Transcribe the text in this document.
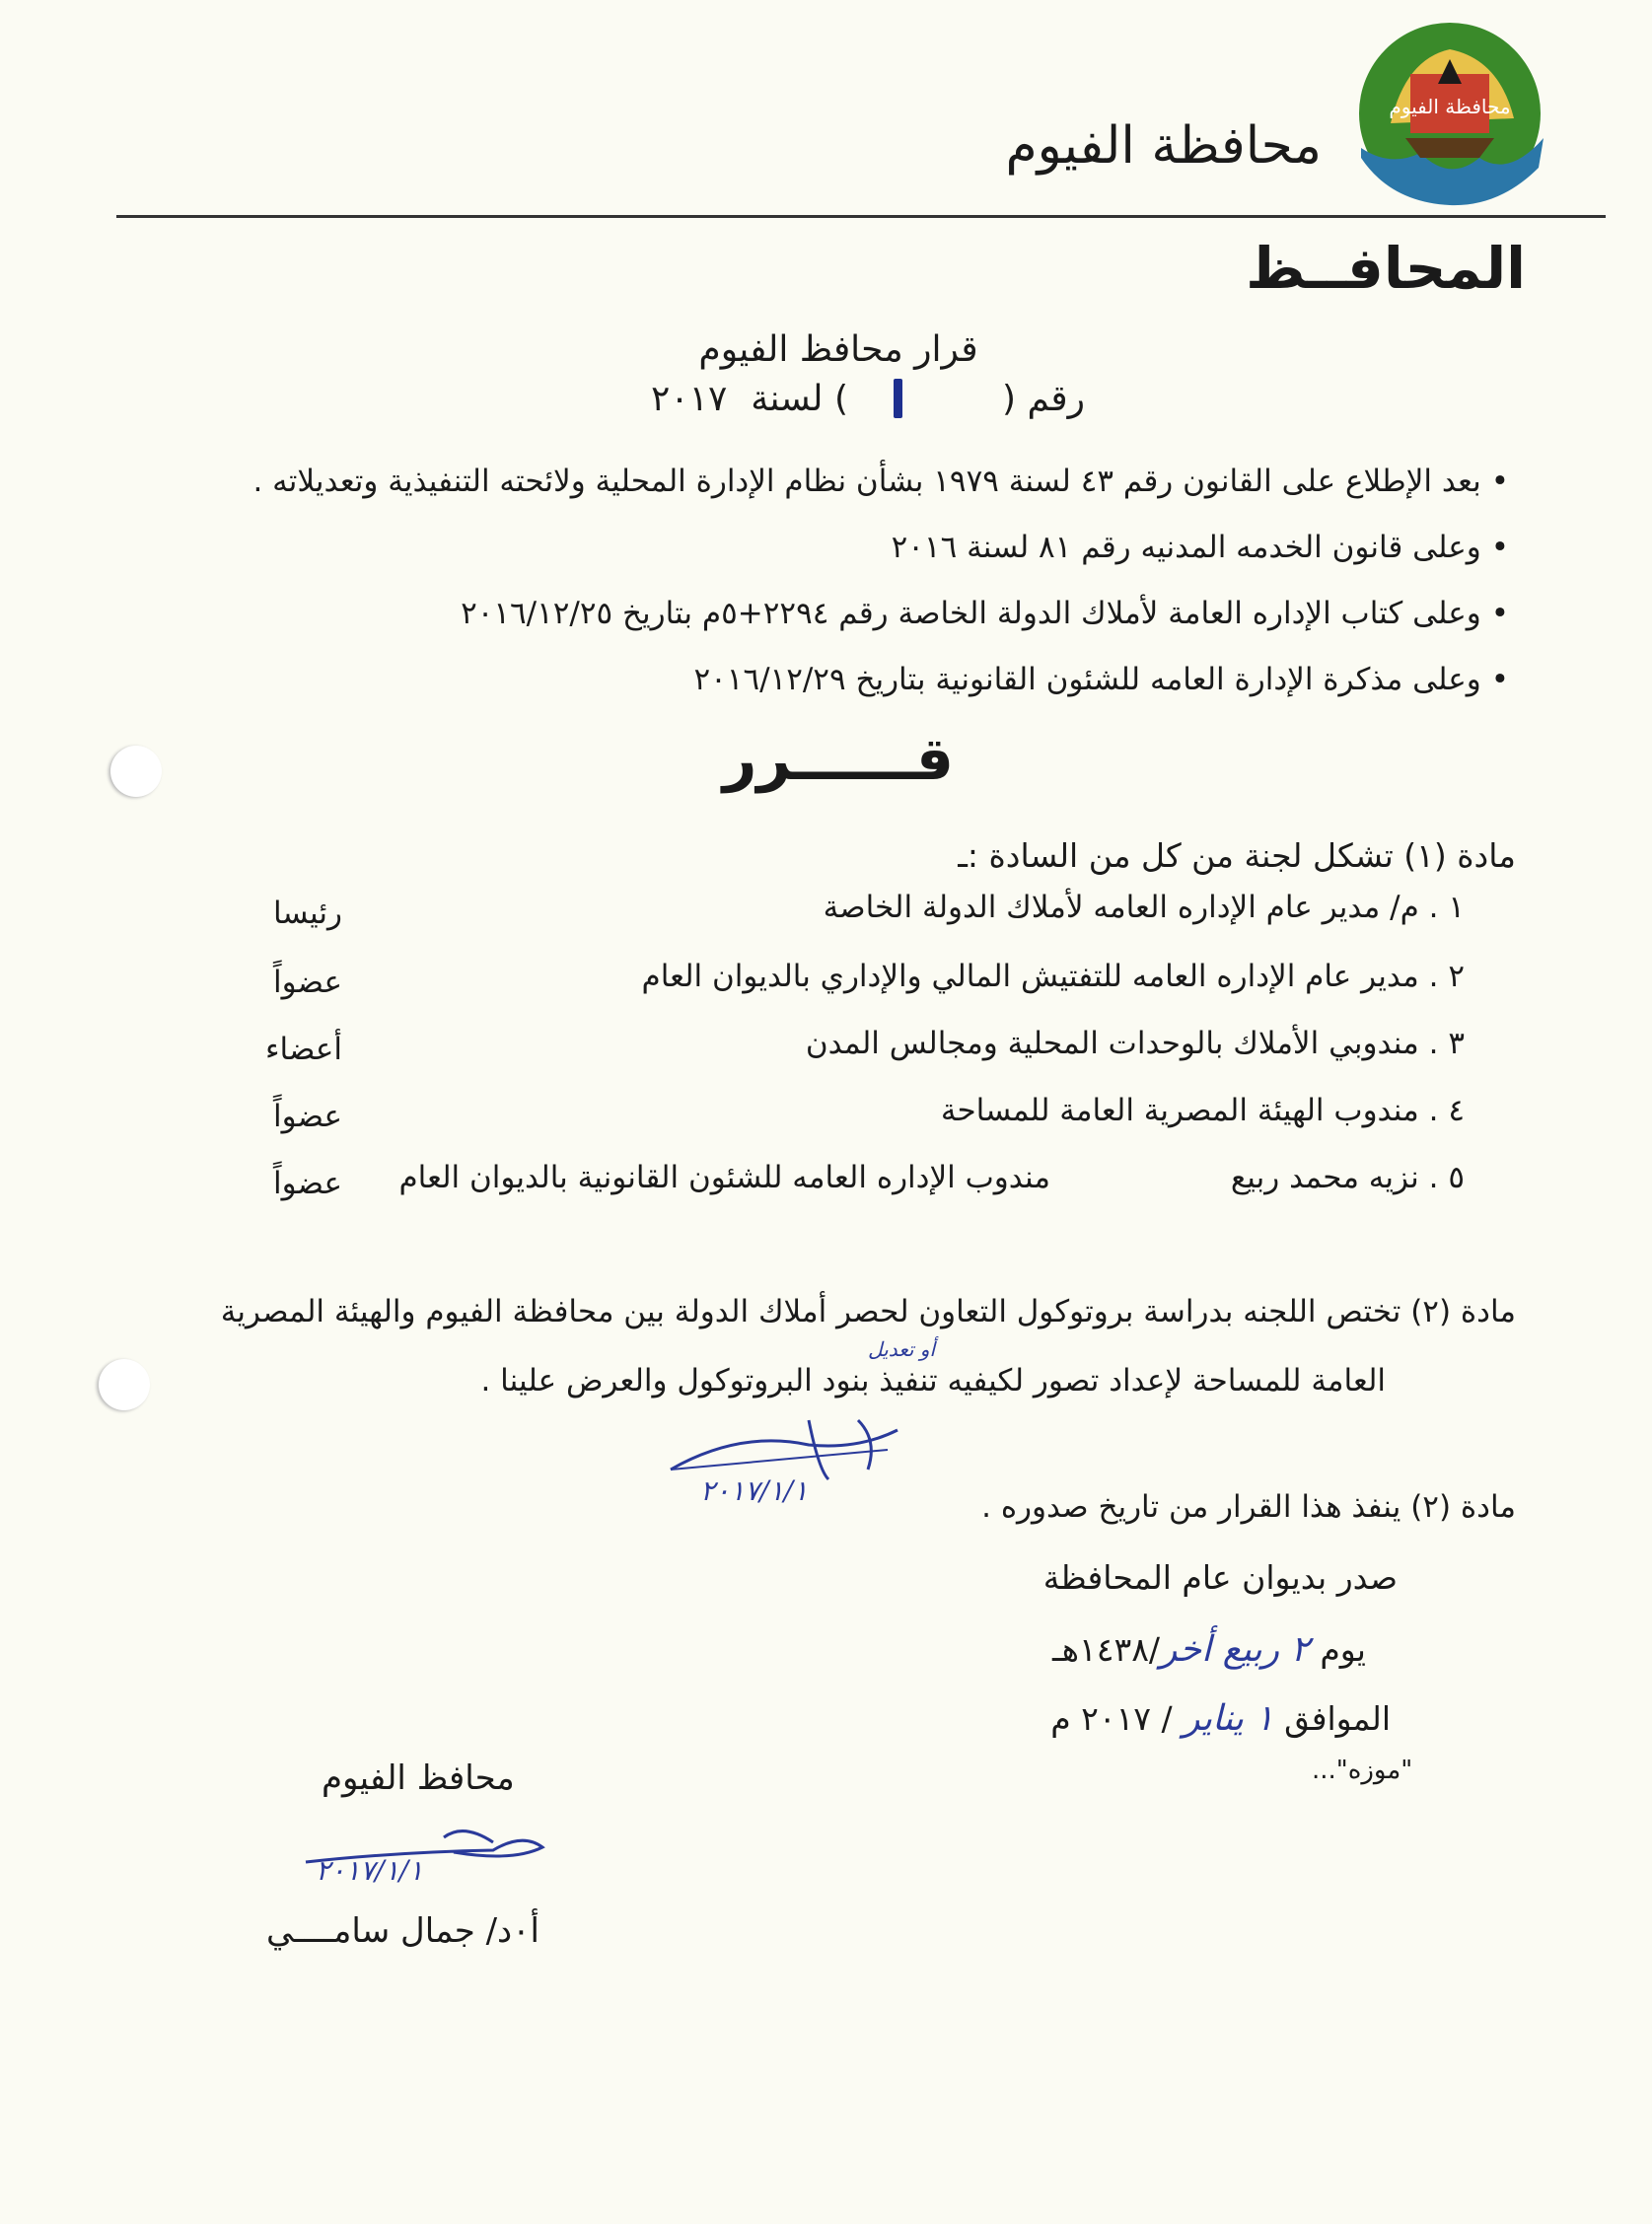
محافظة الفيوم
محافظة الفيوم
المحافــظ
قرار محافظ الفيوم
رقم (
) لسنة
٢٠١٧
•بعد الإطلاع على القانون رقم ٤٣ لسنة ١٩٧٩ بشأن نظام الإدارة المحلية ولائحته التنفيذية وتعديلاته .
•وعلى قانون الخدمه المدنيه رقم ٨١ لسنة ٢٠١٦
•وعلى كتاب الإداره العامة لأملاك الدولة الخاصة رقم ٢٢٩٤+٥م بتاريخ ٢٠١٦/١٢/٢٥
•وعلى مذكرة الإدارة العامه للشئون القانونية بتاريخ ٢٠١٦/١٢/٢٩
قــــــرر
مادة (١) تشكل لجنة من كل من السادة :ـ
١ . م/ مدير عام الإداره العامه لأملاك الدولة الخاصة
رئيسا
٢ . مدير عام الإداره العامه للتفتيش المالي والإداري بالديوان العام
عضواً
٣ . مندوبي الأملاك بالوحدات المحلية ومجالس المدن
أعضاء
٤ . مندوب الهيئة المصرية العامة للمساحة
عضواً
٥ . نزيه محمد ربيع
مندوب الإداره العامه للشئون القانونية بالديوان العام
عضواً
مادة (٢) تختص اللجنه بدراسة بروتوكول التعاون لحصر أملاك الدولة بين محافظة الفيوم والهيئة المصرية
العامة للمساحة لإعداد تصور لكيفيه تنفيذ بنود البروتوكول والعرض علينا .
أو تعديل
٢٠١٧/١/١	مادة (٢) ينفذ هذا القرار من تاريخ صدوره .
صدر بديوان عام المحافظة
يوم ٢ ربيع أخر/١٤٣٨هـ
الموافق ١ يناير / ٢٠١٧ م
"موزه"...
محافظ الفيوم
٢٠١٧/١/١
أ٠د/ جمال سامــــي
